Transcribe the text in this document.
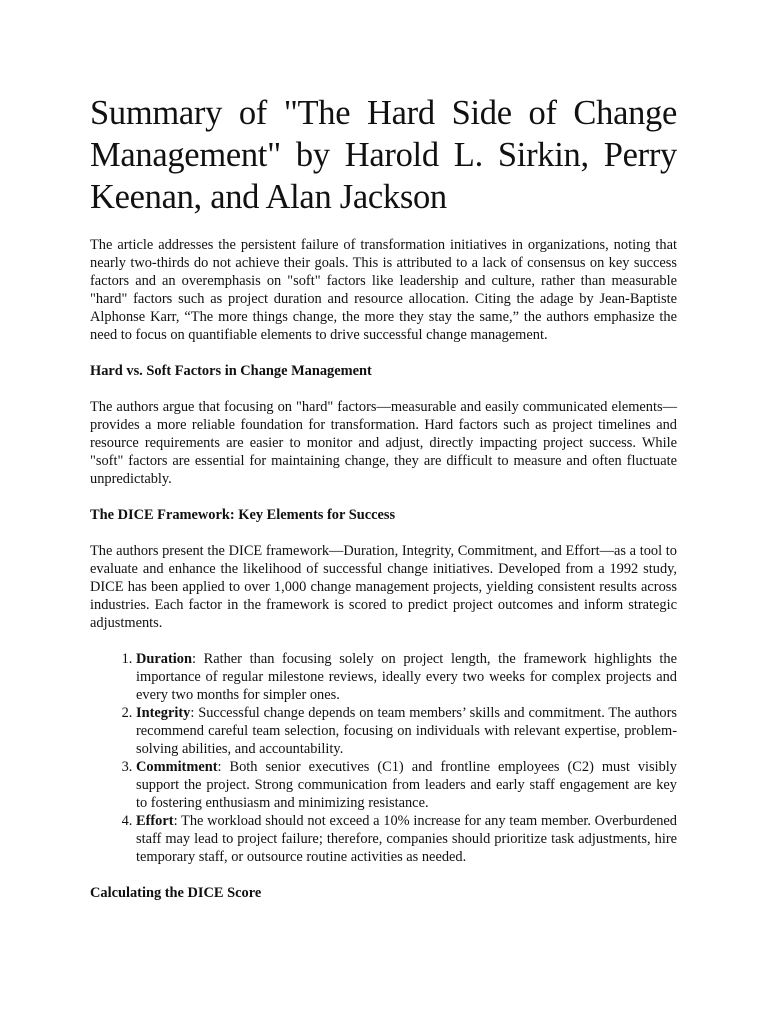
Summary of "The Hard Side of Change Management" by Harold L. Sirkin, Perry Keenan, and Alan Jackson

The article addresses the persistent failure of transformation initiatives in organizations, noting that nearly two-thirds do not achieve their goals. This is attributed to a lack of consensus on key success factors and an overemphasis on "soft" factors like leadership and culture, rather than measurable "hard" factors such as project duration and resource allocation. Citing the adage by Jean-Baptiste Alphonse Karr, “The more things change, the more they stay the same,” the authors emphasize the need to focus on quantifiable elements to drive successful change management.

Hard vs. Soft Factors in Change Management

The authors argue that focusing on "hard" factors—measurable and easily communicated elements—provides a more reliable foundation for transformation. Hard factors such as project timelines and resource requirements are easier to monitor and adjust, directly impacting project success. While "soft" factors are essential for maintaining change, they are difficult to measure and often fluctuate unpredictably.

The DICE Framework: Key Elements for Success

The authors present the DICE framework—Duration, Integrity, Commitment, and Effort—as a tool to evaluate and enhance the likelihood of successful change initiatives. Developed from a 1992 study, DICE has been applied to over 1,000 change management projects, yielding consistent results across industries. Each factor in the framework is scored to predict project outcomes and inform strategic adjustments.

1. Duration: Rather than focusing solely on project length, the framework highlights the importance of regular milestone reviews, ideally every two weeks for complex projects and every two months for simpler ones.
2. Integrity: Successful change depends on team members’ skills and commitment. The authors recommend careful team selection, focusing on individuals with relevant expertise, problem-solving abilities, and accountability.
3. Commitment: Both senior executives (C1) and frontline employees (C2) must visibly support the project. Strong communication from leaders and early staff engagement are key to fostering enthusiasm and minimizing resistance.
4. Effort: The workload should not exceed a 10% increase for any team member. Overburdened staff may lead to project failure; therefore, companies should prioritize task adjustments, hire temporary staff, or outsource routine activities as needed.
Calculating the DICE Score
